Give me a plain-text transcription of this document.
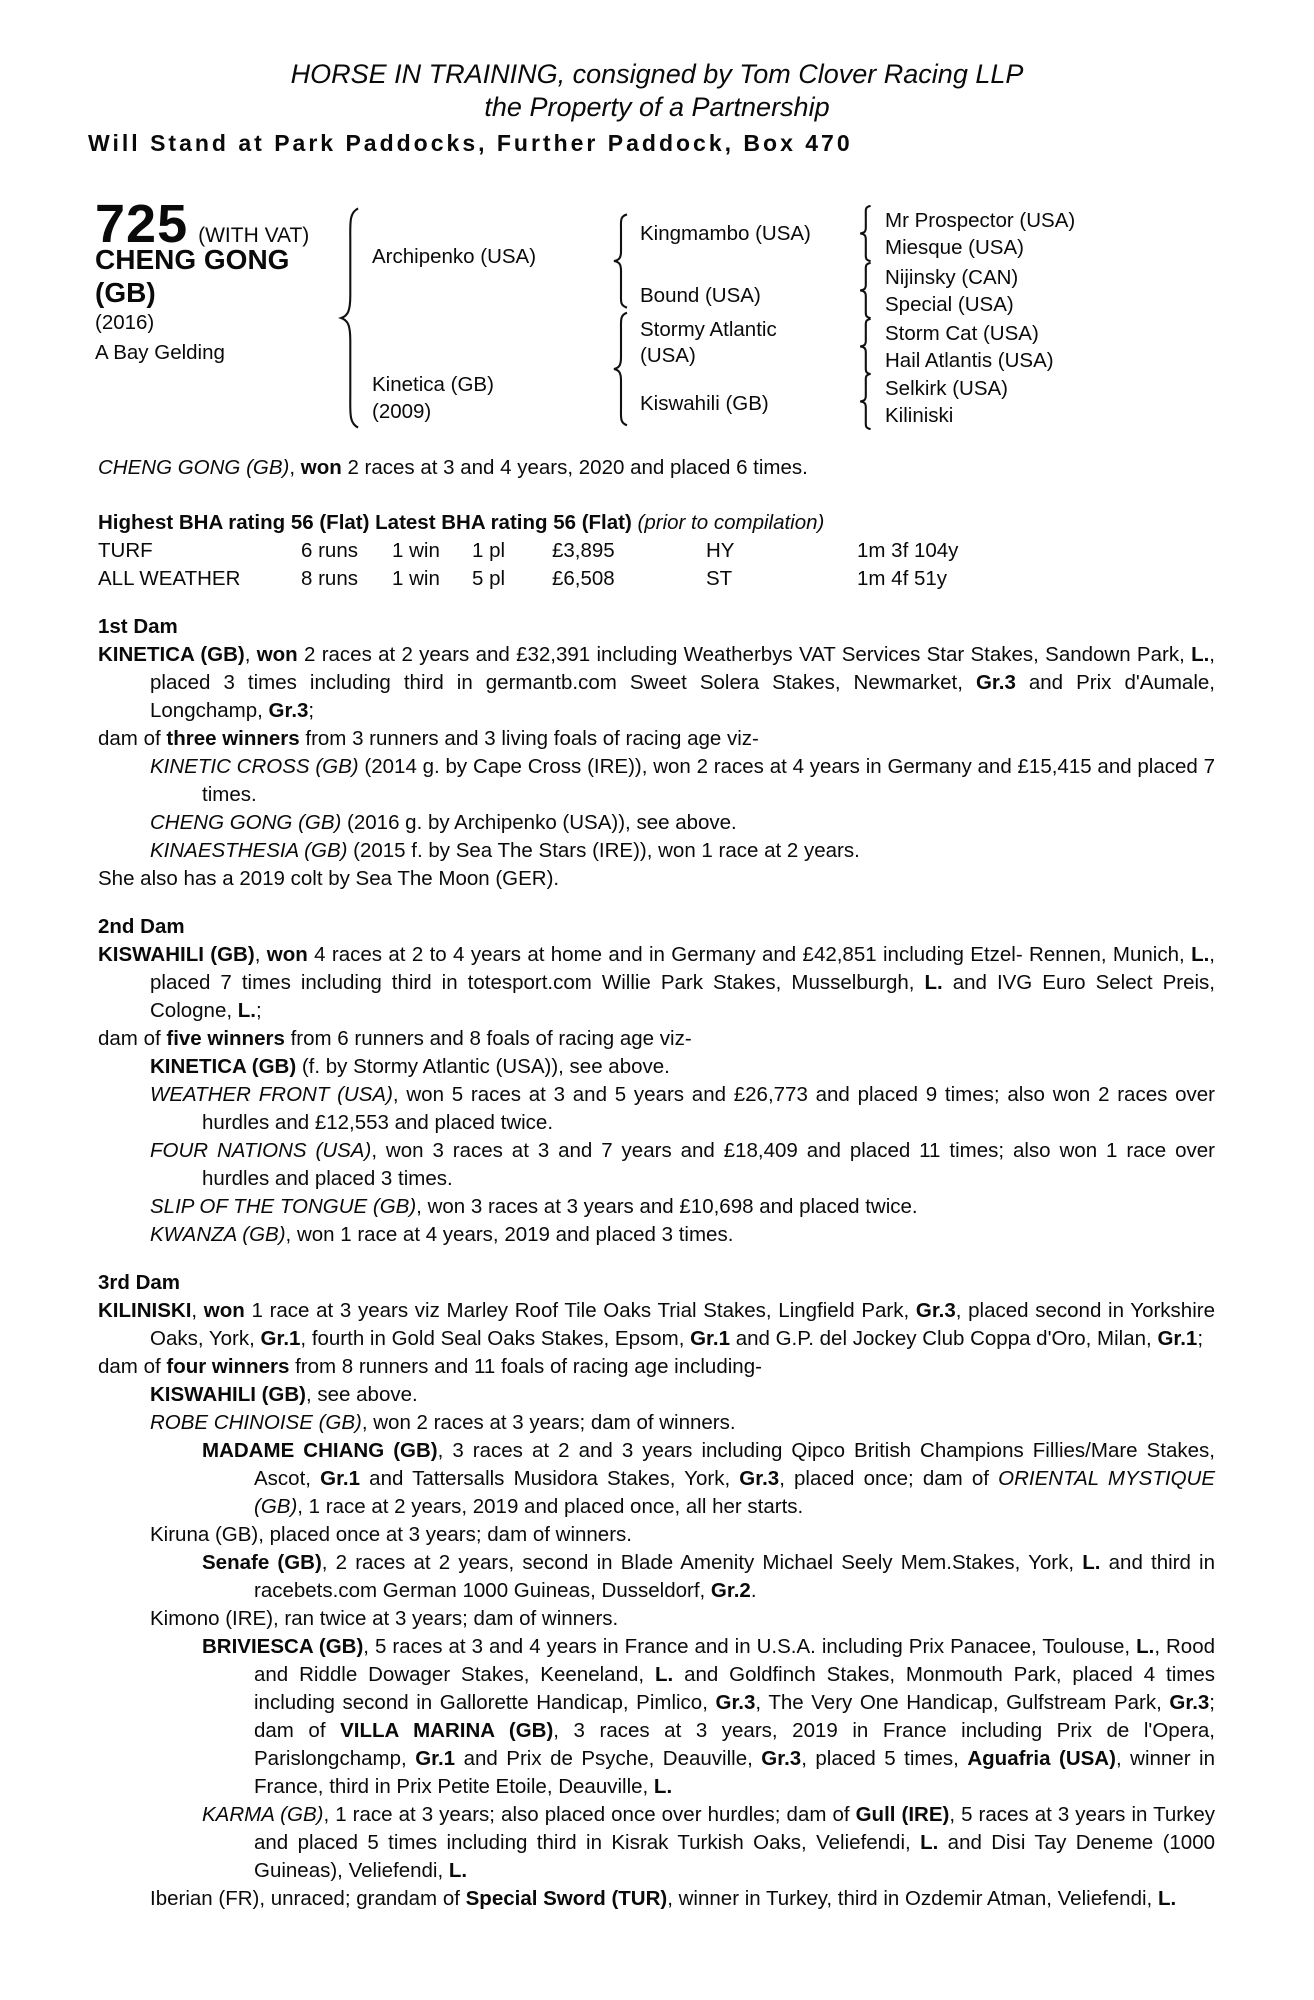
HORSE IN TRAINING, consigned by Tom Clover Racing LLP
the Property of a Partnership
Will Stand at Park Paddocks, Further Paddock, Box 470
725 (WITH VAT)
CHENG GONG
(GB)
(2016)
A Bay Gelding
Archipenko (USA)
Kinetica (GB)
(2009)
Kingmambo (USA)
Bound (USA)
Stormy Atlantic (USA)
Kiswahili (GB)
Mr Prospector (USA)
Miesque (USA)
Nijinsky (CAN)
Special (USA)
Storm Cat (USA)
Hail Atlantis (USA)
Selkirk (USA)
Kiliniski

CHENG GONG (GB), won 2 races at 3 and 4 years, 2020 and placed 6 times.

Highest BHA rating 56 (Flat) Latest BHA rating 56 (Flat) (prior to compilation)

TURF	6 runs	1 win	1 pl	£3,895	HY	1m 3f 104y
ALL WEATHER	8 runs	1 win	5 pl	£6,508	ST	1m 4f 51y

1st Dam

KINETICA (GB), won 2 races at 2 years and £32,391 including Weatherbys VAT Services Star Stakes, Sandown Park, L., placed 3 times including third in germantb.com Sweet Solera Stakes, Newmarket, Gr.3 and Prix d'Aumale, Longchamp, Gr.3;

dam of three winners from 3 runners and 3 living foals of racing age viz-

KINETIC CROSS (GB) (2014 g. by Cape Cross (IRE)), won 2 races at 4 years in Germany and £15,415 and placed 7 times.

CHENG GONG (GB) (2016 g. by Archipenko (USA)), see above.

KINAESTHESIA (GB) (2015 f. by Sea The Stars (IRE)), won 1 race at 2 years.

She also has a 2019 colt by Sea The Moon (GER).

2nd Dam

KISWAHILI (GB), won 4 races at 2 to 4 years at home and in Germany and £42,851 including Etzel- Rennen, Munich, L., placed 7 times including third in totesport.com Willie Park Stakes, Musselburgh, L. and IVG Euro Select Preis, Cologne, L.;

dam of five winners from 6 runners and 8 foals of racing age viz-

KINETICA (GB) (f. by Stormy Atlantic (USA)), see above.

WEATHER FRONT (USA), won 5 races at 3 and 5 years and £26,773 and placed 9 times; also won 2 races over hurdles and £12,553 and placed twice.

FOUR NATIONS (USA), won 3 races at 3 and 7 years and £18,409 and placed 11 times; also won 1 race over hurdles and placed 3 times.

SLIP OF THE TONGUE (GB), won 3 races at 3 years and £10,698 and placed twice.

KWANZA (GB), won 1 race at 4 years, 2019 and placed 3 times.

3rd Dam

KILINISKI, won 1 race at 3 years viz Marley Roof Tile Oaks Trial Stakes, Lingfield Park, Gr.3, placed second in Yorkshire Oaks, York, Gr.1, fourth in Gold Seal Oaks Stakes, Epsom, Gr.1 and G.P. del Jockey Club Coppa d'Oro, Milan, Gr.1;

dam of four winners from 8 runners and 11 foals of racing age including-

KISWAHILI (GB), see above.

ROBE CHINOISE (GB), won 2 races at 3 years; dam of winners.

MADAME CHIANG (GB), 3 races at 2 and 3 years including Qipco British Champions Fillies/Mare Stakes, Ascot, Gr.1 and Tattersalls Musidora Stakes, York, Gr.3, placed once; dam of ORIENTAL MYSTIQUE (GB), 1 race at 2 years, 2019 and placed once, all her starts.

Kiruna (GB), placed once at 3 years; dam of winners.

Senafe (GB), 2 races at 2 years, second in Blade Amenity Michael Seely Mem.Stakes, York, L. and third in racebets.com German 1000 Guineas, Dusseldorf, Gr.2.

Kimono (IRE), ran twice at 3 years; dam of winners.

BRIVIESCA (GB), 5 races at 3 and 4 years in France and in U.S.A. including Prix Panacee, Toulouse, L., Rood and Riddle Dowager Stakes, Keeneland, L. and Goldfinch Stakes, Monmouth Park, placed 4 times including second in Gallorette Handicap, Pimlico, Gr.3, The Very One Handicap, Gulfstream Park, Gr.3; dam of VILLA MARINA (GB), 3 races at 3 years, 2019 in France including Prix de l'Opera, Parislongchamp, Gr.1 and Prix de Psyche, Deauville, Gr.3, placed 5 times, Aguafria (USA), winner in France, third in Prix Petite Etoile, Deauville, L.

KARMA (GB), 1 race at 3 years; also placed once over hurdles; dam of Gull (IRE), 5 races at 3 years in Turkey and placed 5 times including third in Kisrak Turkish Oaks, Veliefendi, L. and Disi Tay Deneme (1000 Guineas), Veliefendi, L.

Iberian (FR), unraced; grandam of Special Sword (TUR), winner in Turkey, third in Ozdemir Atman, Veliefendi, L.
